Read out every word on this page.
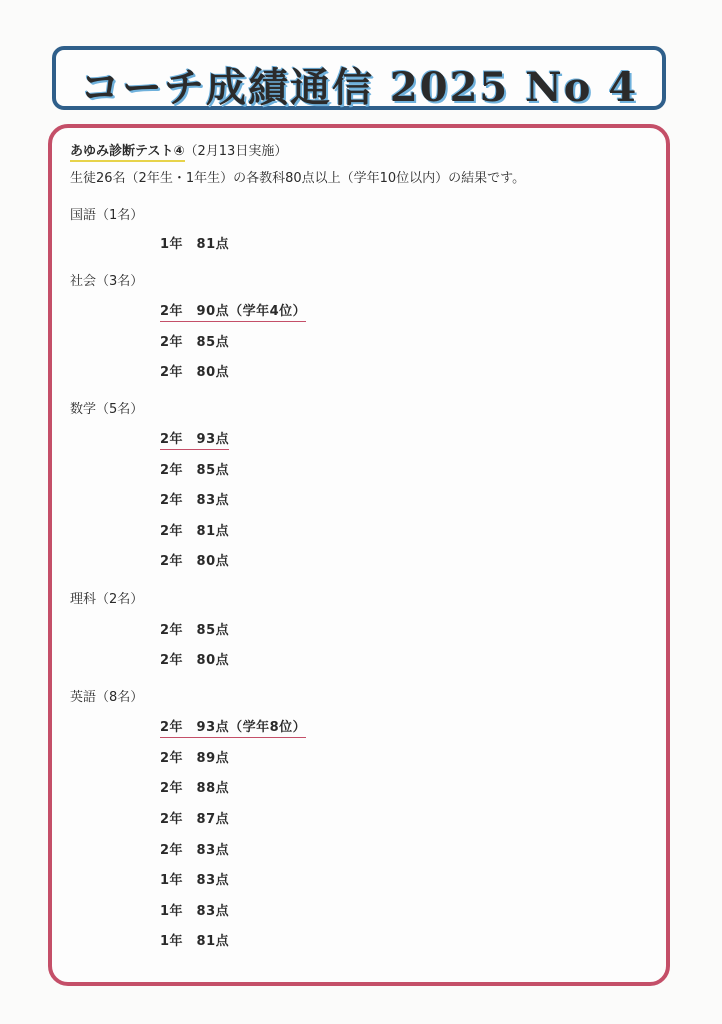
コーチ成績通信 2025 No 4
あゆみ診断テスト④（2月13日実施）
生徒26名（2年生・1年生）の各教科80点以上（学年10位以内）の結果です。
国語（1名）
1年　81点
社会（3名）
2年　90点（学年4位）
2年　85点
2年　80点
数学（5名）
2年　93点
2年　85点
2年　83点
2年　81点
2年　80点
理科（2名）
2年　85点
2年　80点
英語（8名）
2年　93点（学年8位）
2年　89点
2年　88点
2年　87点
2年　83点
1年　83点
1年　83点
1年　81点
